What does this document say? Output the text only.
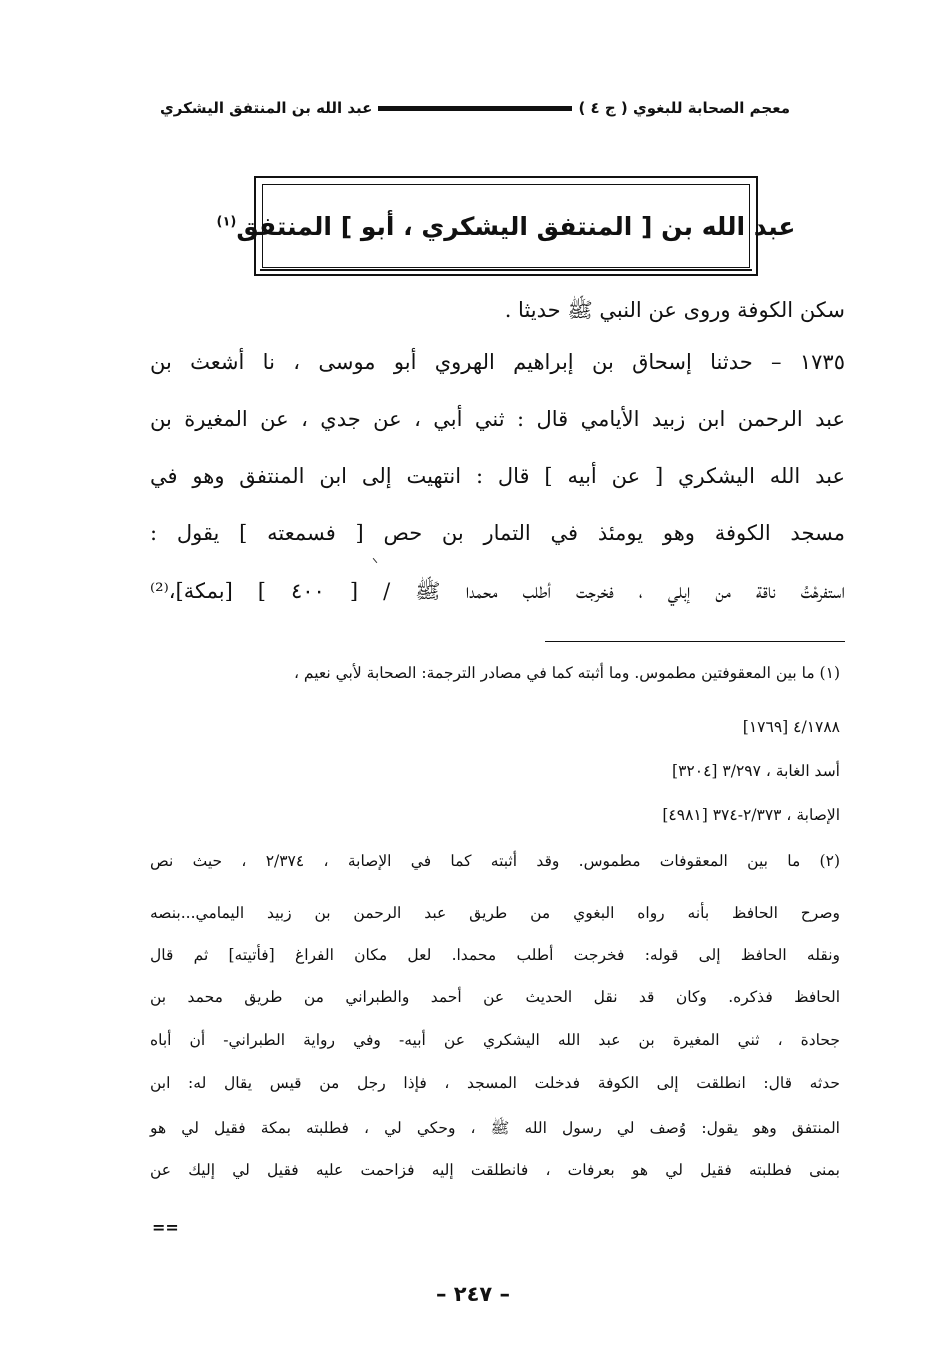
معجم الصحابة للبغوي ( ج ٤ )
عبد الله بن المنتفق اليشكري
عبد الله بن [ المنتفق اليشكري ، أبو ] المنتفق$^{(١)}$
سكن الكوفة وروى عن النبي ﷺ حديثا .
١٧٣٥ – حدثنا إسحاق بن إبراهيم الهروي أبو موسى ، نا أشعث بن
عبد الرحمن ابن زبيد الأيامي قال : ثني أبي ، عن جدي ، عن المغيرة بن
عبد الله اليشكري [ عن أبيه ] قال : انتهيت إلى ابن المنتفق وهو في
مسجد الكوفة وهو يومئذ في التمار بن حص [ فسمعته ] يقول :
استفرهْتُ ناقة من إبلي ، فخرجت أطلب محمدا ﷺ / [ ٤٠٠ ] [بمكة]،⁽²⁾
(١) ما بين المعقوفتين مطموس. وما أثبته كما في مصادر الترجمة: الصحابة لأبي نعيم ،
٤/١٧٨٨ [١٧٦٩]
أسد الغابة ، ٣/٢٩٧ [٣٢٠٤]
الإصابة ، ٢/٣٧٣-٣٧٤ [٤٩٨١]
(٢) ما بين المعقوفات مطموس. وقد أثبته كما في الإصابة ، ٢/٣٧٤ ، حيث نص
وصرح الحافظ بأنه رواه البغوي من طريق عبد الرحمن بن زبيد اليمامي...بنصه
ونقله الحافظ إلى قوله: فخرجت أطلب محمدا. لعل مكان الفراغ [فأتيته] ثم قال
الحافظ فذكره. وكان قد نقل الحديث عن أحمد والطبراني من طريق محمد بن
جحادة ، ثني المغيرة بن عبد الله اليشكري عن أبيه- وفي رواية الطبراني- أن أباه
حدثه قال: انطلقت إلى الكوفة فدخلت المسجد ، فإذا رجل من قيس يقال له: ابن
المنتفق وهو يقول: وُصف لي رسول الله ﷺ ، وحكي لي ، فطلبته بمكة فقيل لي هو
بمنى فطلبته فقيل لي هو بعرفات ، فانطلقت إليه فزاحمت عليه فقيل لي إليك عن
==
– ٢٤٧ –
